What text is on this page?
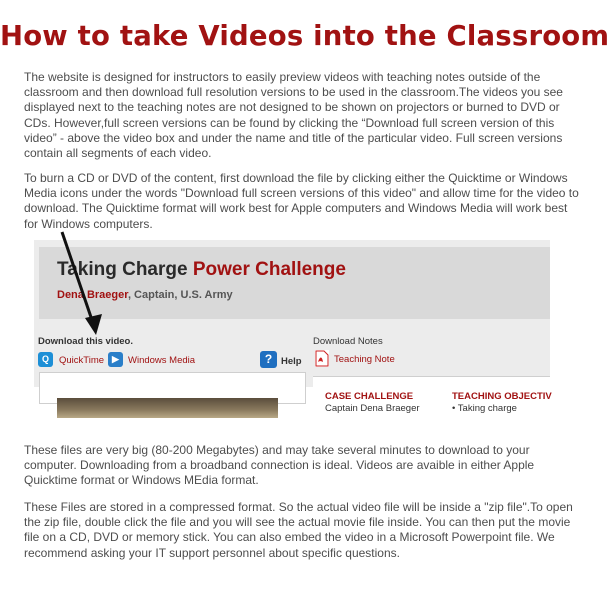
How to take Videos into the Classroom
The website is designed for instructors to easily preview videos with teaching notes outside of the classroom and then download full resolution versions to be used in the classroom.The videos you see displayed next to the teaching notes are not designed to be shown on projectors or burned to DVD or CDs. However,full screen versions can be found by clicking the “Download full screen version of this video” - above the video box and under the name and title of the particular video. Full screen versions contain all segments of each video.
To burn a CD or DVD of the content, first download the file by clicking either the Quicktime or Windows Media icons under the words "Download full screen versions of this video" and allow time for the video to download. The Quicktime format will work best for Apple computers and Windows Media will work best for Windows computers.
Taking Charge Power Challenge
Dena Braeger, Captain, U.S. Army
Download this video.
Q	QuickTime ▶ Windows Media	? Help
Download Notes
Teaching Note
CASE CHALLENGE
Captain Dena Braeger
TEACHING OBJECTIV
• Taking charge
These files are very big (80-200 Megabytes) and may take several minutes to download to your computer. Downloading from a broadband connection is ideal. Videos are avaible in either Apple Quicktime format or Windows MEdia format.
These Files are stored in a compressed format. So the actual video file will be inside a "zip file".To open the zip file, double click the file and you will see the actual movie file inside. You can then put the movie file on a CD, DVD or memory stick. You can also embed the video in a Microsoft Powerpoint file. We recommend asking your IT support personnel about specific questions.
